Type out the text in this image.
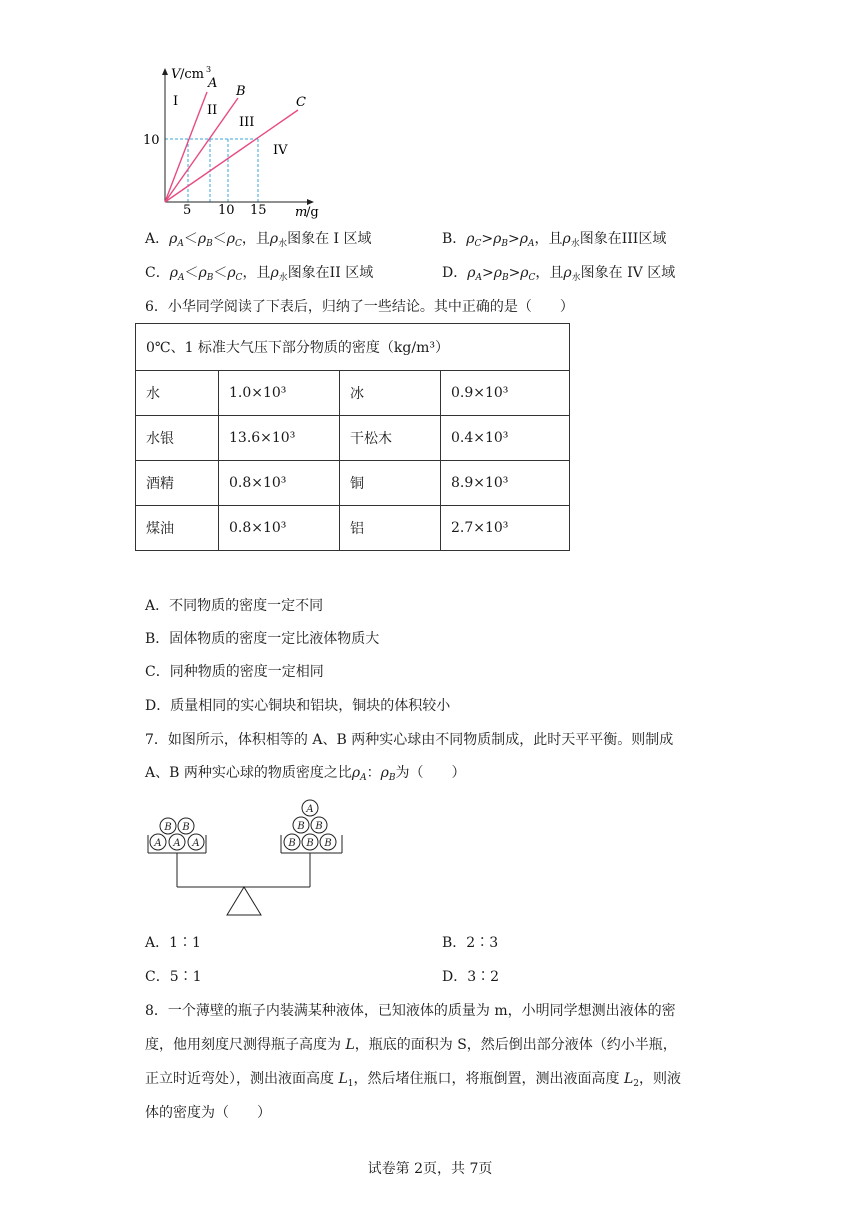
V /cm 3
10
5 10 15 m
/g
A
B
C
I
II
III
IV
A．$\rho_A<\rho_B<\rho_C$，且$\rho_水$图象在 I 区域	B．$\rho_C>\rho_B>\rho_A$，且$\rho_水$图象在III区域
C．$\rho_A<\rho_B<\rho_C$，且$\rho_水$图象在II 区域	D．$\rho_A>\rho_B>\rho_C$，且$\rho_水$图象在 IV 区域
6．小华同学阅读了下表后，归纳了一些结论。其中正确的是（　　）
0℃、1 标准大气压下部分物质的密度（kg/m³）			
水	1.0×10³	冰	0.9×10³
水银	13.6×10³	干松木	0.4×10³
酒精	0.8×10³	铜	8.9×10³
煤油	0.8×10³	铝	2.7×10³
A．不同物质的密度一定不同
B．固体物质的密度一定比液体物质大
C．同种物质的密度一定相同
D．质量相同的实心铜块和铝块，铜块的体积较小
7．如图所示，体积相等的 A、B 两种实心球由不同物质制成，此时天平平衡。则制成
A、B 两种实心球的物质密度之比$\rho_A$：$\rho_B$为（　　）
B B
A A A
A
B B
B B B
A．1∶1	B．2∶3
C．5∶1	D．3∶2
8．一个薄壁的瓶子内装满某种液体，已知液体的质量为 m，小明同学想测出液体的密
度，他用刻度尺测得瓶子高度为 L，瓶底的面积为 S，然后倒出部分液体（约小半瓶，
正立时近弯处），测出液面高度 $L_1$，然后堵住瓶口，将瓶倒置，测出液面高度 $L_2$，则液
体的密度为（　　）
试卷第 2页，共 7页
